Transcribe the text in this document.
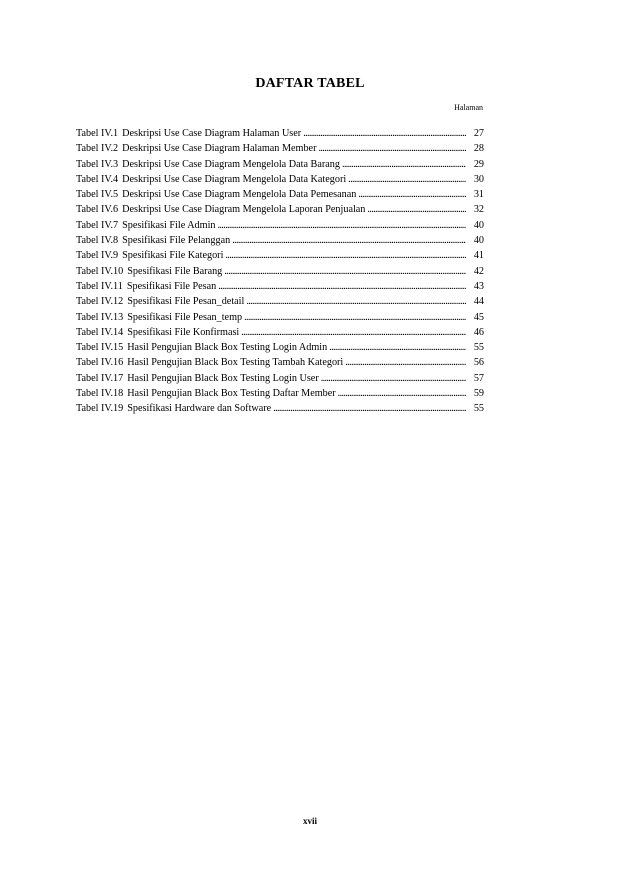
DAFTAR TABEL
Halaman
Tabel IV.1 Deskripsi Use Case Diagram Halaman User . . .	27
Tabel IV.2 Deskripsi Use Case Diagram Halaman Member . . .	28
Tabel IV.3 Deskripsi Use Case Diagram Mengelola Data Barang . . .	29
Tabel IV.4 Deskripsi Use Case Diagram Mengelola Data Kategori . . .	30
Tabel IV.5 Deskripsi Use Case Diagram Mengelola Data Pemesanan . . .	31
Tabel IV.6 Deskripsi Use Case Diagram Mengelola Laporan Penjualan . . .	32
Tabel IV.7 Spesifikasi File Admin . . .	40
Tabel IV.8 Spesifikasi File Pelanggan . . .	40
Tabel IV.9 Spesifikasi File Kategori . . .	41
Tabel IV.10 Spesifikasi File Barang . . .	42
Tabel IV.11 Spesifikasi File Pesan . . .	43
Tabel IV.12 Spesifikasi File Pesan_detail . . .	44
Tabel IV.13 Spesifikasi File Pesan_temp . . .	45
Tabel IV.14 Spesifikasi File Konfirmasi . . .	46
Tabel IV.15 Hasil Pengujian Black Box Testing Login Admin . . .	55
Tabel IV.16 Hasil Pengujian Black Box Testing Tambah Kategori . . .	56
Tabel IV.17 Hasil Pengujian Black Box Testing Login User . . .	57
Tabel IV.18 Hasil Pengujian Black Box Testing Daftar Member . . .	59
Tabel IV.19 Spesifikasi Hardware dan Software . . .	55
xvii
